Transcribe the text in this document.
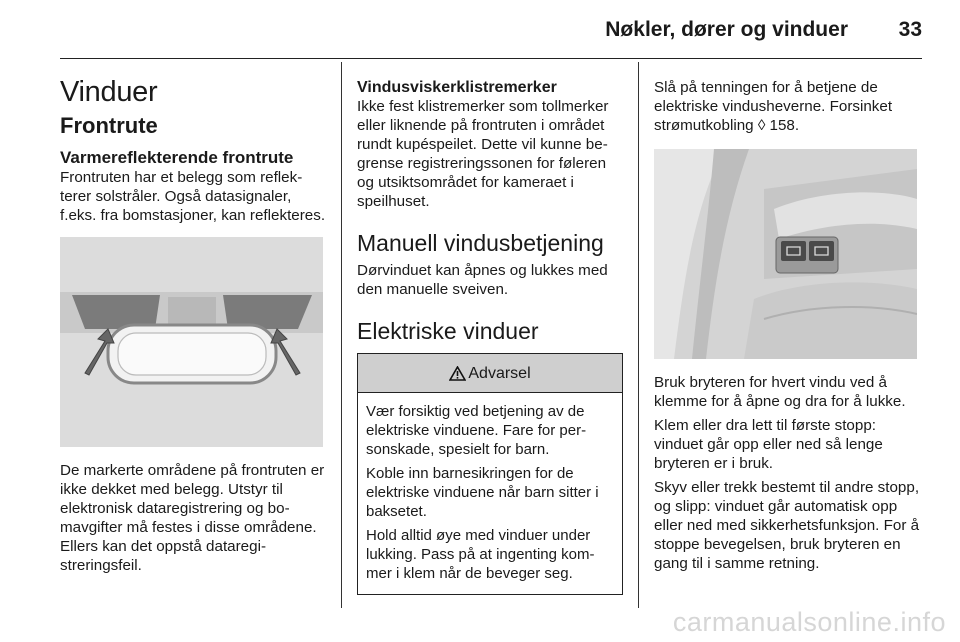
Nøkler, dører og vinduer 33
Vinduer
Frontrute
Varmereflekterende frontrute

Frontruten har et belegg som reflekterer solstråler. Også datasignaler, f.eks. fra bomstasjoner, kan reflekteres.

De markerte områdene på frontruten er ikke dekket med belegg. Utstyr til elektronisk dataregistrering og bomavgifter må festes i disse områdene. Ellers kan det oppstå dataregistreringsfeil.

Vindusviskerklistremerker

Ikke fest klistremerker som tollmerker eller liknende på frontruten i området rundt kupéspeilet. Dette vil kunne begrense registreringssonen for føleren og utsiktsområdet for kameraet i speilhuset.

Manuell vindusbetjening

Dørvinduet kan åpnes og lukkes med den manuelle sveiven.

Elektriske vinduer
Advarsel

Vær forsiktig ved betjening av de elektriske vinduene. Fare for personskade, spesielt for barn.

Koble inn barnesikringen for de elektriske vinduene når barn sitter i baksetet.

Hold alltid øye med vinduer under lukking. Pass på at ingenting kommer i klem når de beveger seg.

Slå på tenningen for å betjene de elektriske vindusheverne. Forsinket strømutkobling ◊ 158.

Bruk bryteren for hvert vindu ved å klemme for å åpne og dra for å lukke.

Klem eller dra lett til første stopp: vinduet går opp eller ned så lenge bryteren er i bruk.

Skyv eller trekk bestemt til andre stopp, og slipp: vinduet går automatisk opp eller ned med sikkerhetsfunksjon. For å stoppe bevegelsen, bruk bryteren en gang til i samme retning.

carmanualsonline.info
